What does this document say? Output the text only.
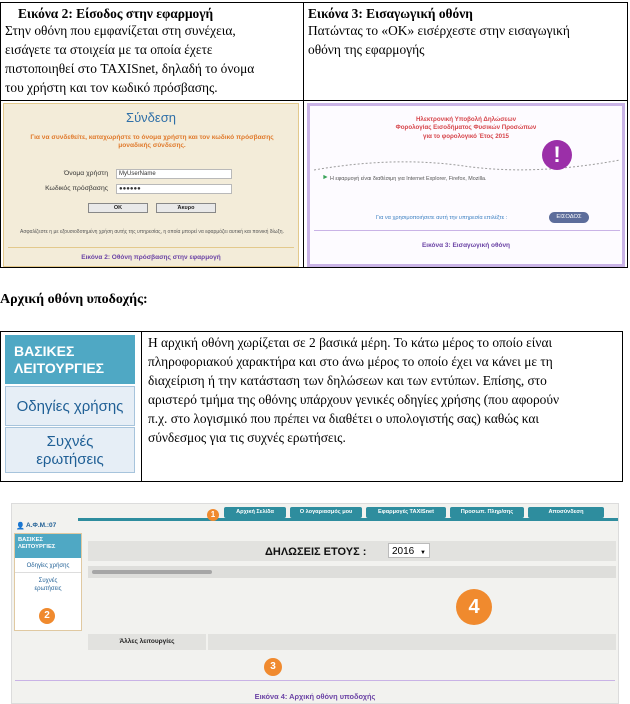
Εικόνα 2: Είσοδος στην εφαρμογή
Στην οθόνη που εμφανίζεται στη συνέχεια,
εισάγετε τα στοιχεία με τα οποία έχετε
πιστοποιηθεί στο TAXISnet, δηλαδή το όνομα
του χρήστη και τον κωδικό πρόσβασης.
Εικόνα 3: Εισαγωγική οθόνη
Πατώντας το «ΟΚ» εισέρχεστε στην εισαγωγική
οθόνη της εφαρμογής
Σύνδεση
Για να συνδεθείτε, καταχωρήστε το όνομα χρήστη και τον κωδικό πρόσβασης μοναδικής σύνδεσης.
Όνομα χρήστη	MyUserName
Κωδικός πρόσβασης	●●●●●●
OK	Άκυρο
Ασφαλίζεστε η με εξουσιοδοτημένη χρήση αυτής της υπηρεσίας, η οποία μπορεί να εφαρμόζει αυτική και ποινική δίωξη.
Εικόνα 2: Οθόνη πρόσβασης στην εφαρμογή
Ηλεκτρονική Υποβολή Δηλώσεων
Φορολογίας Εισοδήματος Φυσικών Προσώπων
για το φορολογικό Έτος 2015
!
► Η εφαρμογή είναι διαθέσιμη για Internet Explorer, Firefox, Mozilla.
Για να χρησιμοποιήσετε αυτή την υπηρεσία επιλέξτε :	ΕΙΣΟΔΟΣ
Εικόνα 3: Εισαγωγική οθόνη
Αρχική οθόνη υποδοχής:
ΒΑΣΙΚΕΣ
ΛΕΙΤΟΥΡΓΙΕΣ
Οδηγίες χρήσης
Συχνές
ερωτήσεις
Η αρχική οθόνη χωρίζεται σε 2 βασικά μέρη. Το κάτω μέρος το οποίο είναι
πληροφοριακού χαρακτήρα και στο άνω μέρος το οποίο έχει να κάνει με τη
διαχείριση ή την κατάσταση των δηλώσεων και των εντύπων. Επίσης, στο
αριστερό τμήμα της οθόνης υπάρχουν γενικές οδηγίες χρήσης (που αφορούν
π.χ. στο λογισμικό που πρέπει να διαθέτει ο υπολογιστής σας) καθώς και
σύνδεσμος για τις συχνές ερωτήσεις.
Αρχική Σελίδα	Ο λογαριασμός μου	Εφαρμογές TAXISnet	Προσωπ. Πληρ/σης	Αποσύνδεση
1
👤 Α.Φ.Μ.:07
ΒΑΣΙΚΕΣ
ΛΕΙΤΟΥΡΓΙΕΣ
Οδηγίες χρήσης
Συχνές
ερωτήσεις
2
ΔΗΛΩΣΕΙΣ ΕΤΟΥΣ :	2016 ▼
4
Άλλες λειτουργίες
3
Εικόνα 4: Αρχική οθόνη υποδοχής
